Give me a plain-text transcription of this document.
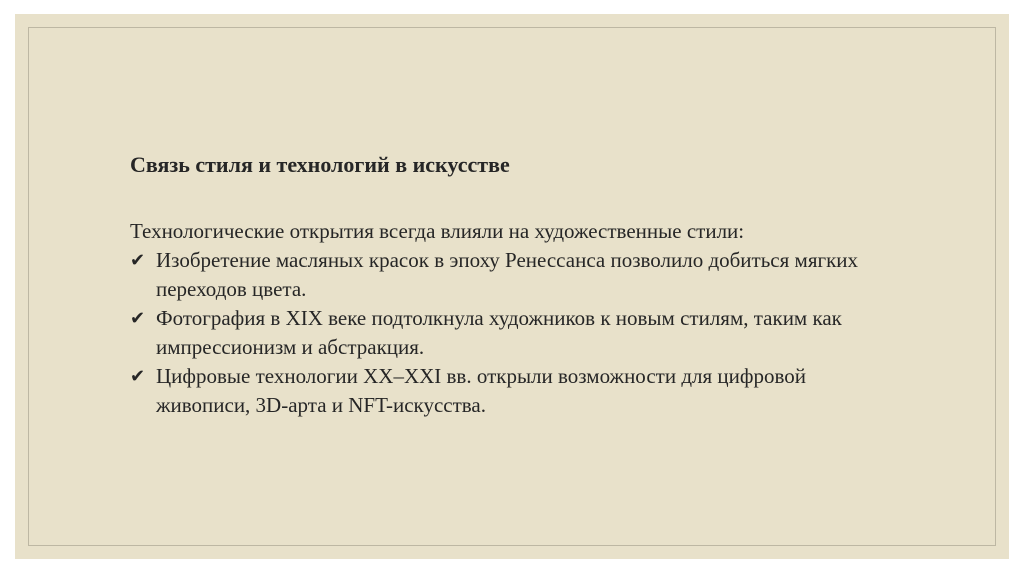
Связь стиля и технологий в искусстве

Технологические открытия всегда влияли на художественные стили:

✔ Изобретение масляных красок в эпоху Ренессанса позволило добиться мягких переходов цвета.
✔ Фотография в XIX веке подтолкнула художников к новым стилям, таким как импрессионизм и абстракция.
✔ Цифровые технологии XX–XXI вв. открыли возможности для цифровой живописи, 3D-арта и NFT-искусства.
